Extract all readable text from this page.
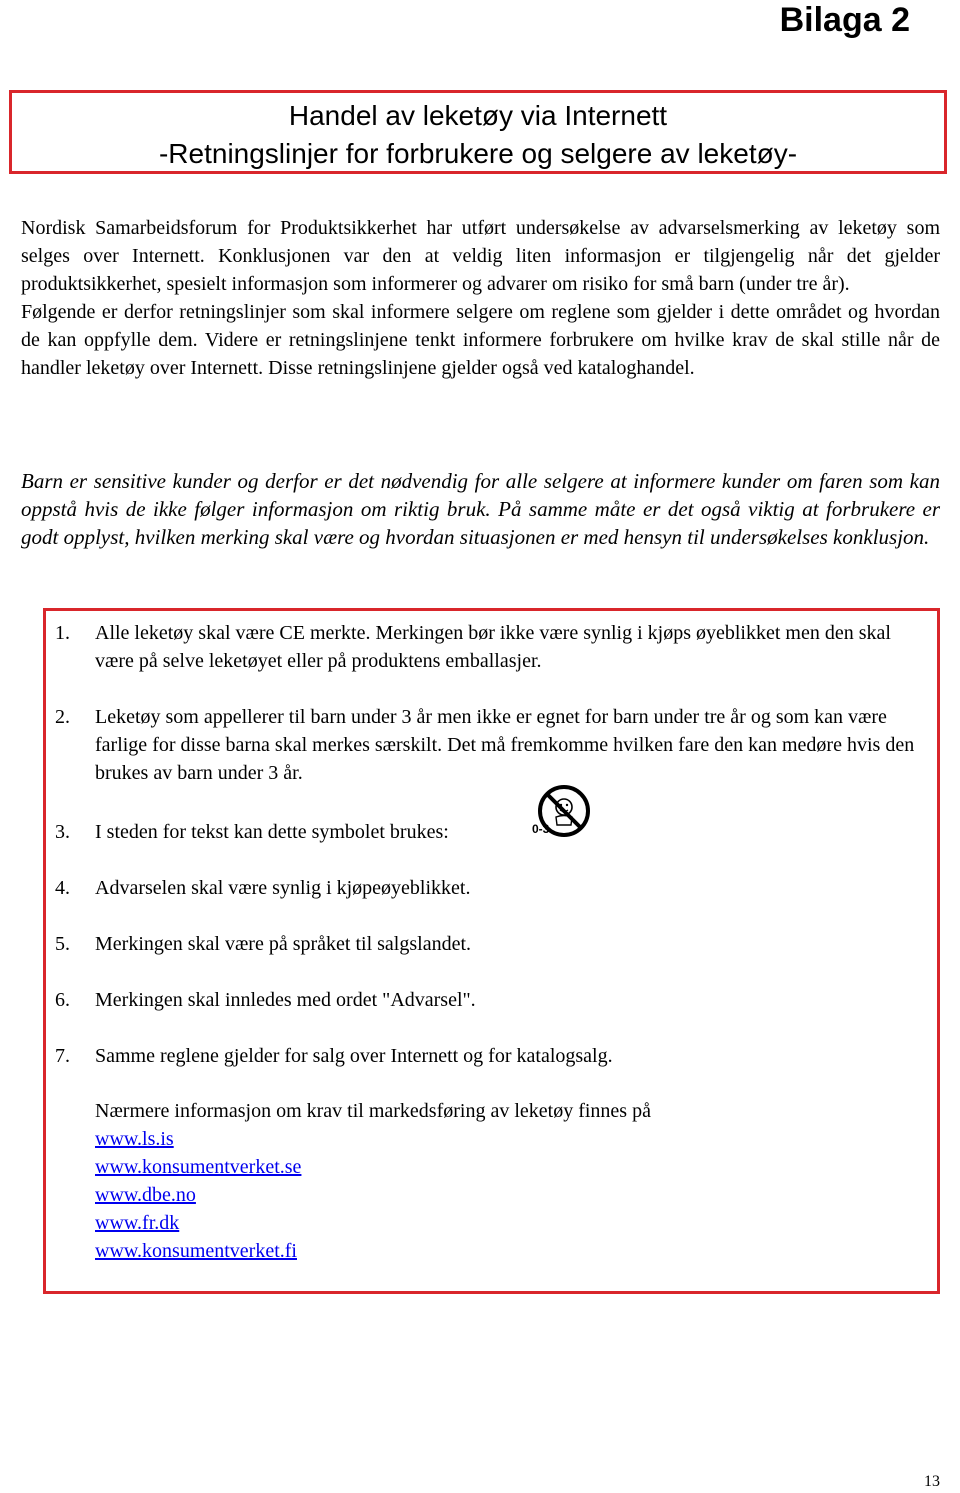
Bilaga 2
Handel av leketøy via Internett
-Retningslinjer for forbrukere og selgere av leketøy-

Nordisk Samarbeidsforum for Produktsikkerhet har utført undersøkelse av advarselsmerking av leketøy som selges over Internett. Konklusjonen var den at veldig liten informasjon er tilgjengelig når det gjelder produktsikkerhet, spesielt informasjon som informerer og advarer om risiko for små barn (under tre år).

Følgende er derfor retningslinjer som skal informere selgere om reglene som gjelder i dette området og hvordan de kan oppfylle dem. Videre er retningslinjene tenkt informere forbrukere om hvilke krav de skal stille når de handler leketøy over Internett. Disse retningslinjene gjelder også ved kataloghandel.

Barn er sensitive kunder og derfor er det nødvendig for alle selgere at informere kunder om faren som kan oppstå hvis de ikke følger informasjon om riktig bruk. På samme måte er det også viktig at forbrukere er godt opplyst, hvilken merking skal være og hvordan situasjonen er med hensyn til undersøkelses konklusjon.

1.	Alle leketøy skal være CE merkte. Merkingen bør ikke være synlig i kjøps øyeblikket men den skal være på selve leketøyet eller på produktens emballasjer.
2.	Leketøy som appellerer til barn under 3 år men ikke er egnet for barn under tre år og som kan være farlige for disse barna skal merkes særskilt. Det må fremkomme hvilken fare den kan medøre hvis den brukes av barn under 3 år.
3.	I steden for tekst kan dette symbolet brukes:	0-3
4.	Advarselen skal være synlig i kjøpeøyeblikket.
5.	Merkingen skal være på språket til salgslandet.
6.	Merkingen skal innledes med ordet "Advarsel".
7.	Samme reglene gjelder for salg over Internett og for katalogsalg.
Nærmere informasjon om krav til markedsføring av leketøy finnes på
www.ls.is
www.konsumentverket.se
www.dbe.no
www.fr.dk
www.konsumentverket.fi
13
